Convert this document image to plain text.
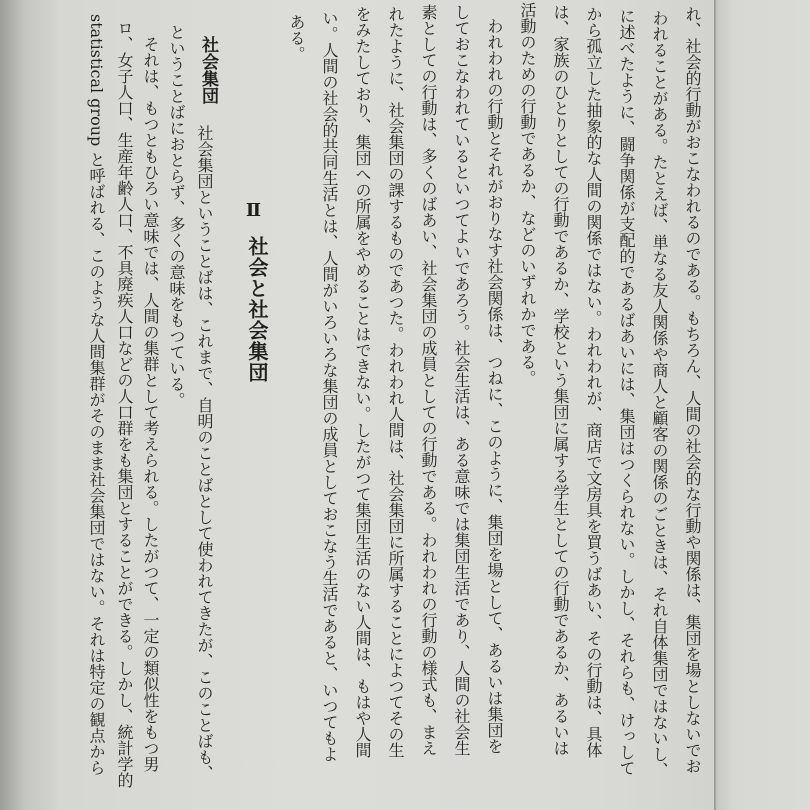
れ、社会的行動がおこなわれるのである。もちろん、人間の社会的な行動や関係は、集団を場としないでお
われることがある。たとえば、単なる友人関係や商人と顧客の関係のごときは、それ自体集団ではないし、
に述べたように、闘争関係が支配的であるばあいには、集団はつくられない。しかし、それらも、けっして
から孤立した抽象的な人間の関係ではない。われわれが、商店で文房具を買うばあい、その行動は、具体
は、家族のひとりとしての行動であるか、学校という集団に属する学生としての行動であるか、あるいは
活動のための行動であるか、などのいずれかである。
　われわれの行動とそれがおりなす社会関係は、つねに、このように、集団を場として、あるいは集団を
しておこなわれているといつてよいであろう。社会生活は、ある意味では集団生活であり、人間の社会生
素としての行動は、多くのばあい、社会集団の成員としての行動である。われわれの行動の様式も、まえ
れたように、社会集団の課するものであつた。われわれ人間は、社会集団に所属することによつてその生
をみたしており、集団への所属をやめることはできない。したがつて集団生活のない人間は、もはや人間
い。人間の社会的共同生活とは、人間がいろいろな集団の成員としておこなう生活であると、いつてもよ
ある。
Ⅱ
社会と社会集団
社会集団
社会集団ということばは、これまで、自明のことばとして使われてきたが、このことばも、
ということばにおとらず、多くの意味をもつている。
　それは、もつともひろい意味では、人間の集群として考えられる。したがつて、一定の類似性をもつ男
ロ、女子人口、生産年齢人口、不具廃疾人口などの人口群をも集団とすることができる。しかし、統計学的
statistical group と呼ばれる、このような人間集群がそのまま社会集団ではない。それは特定の観点から
